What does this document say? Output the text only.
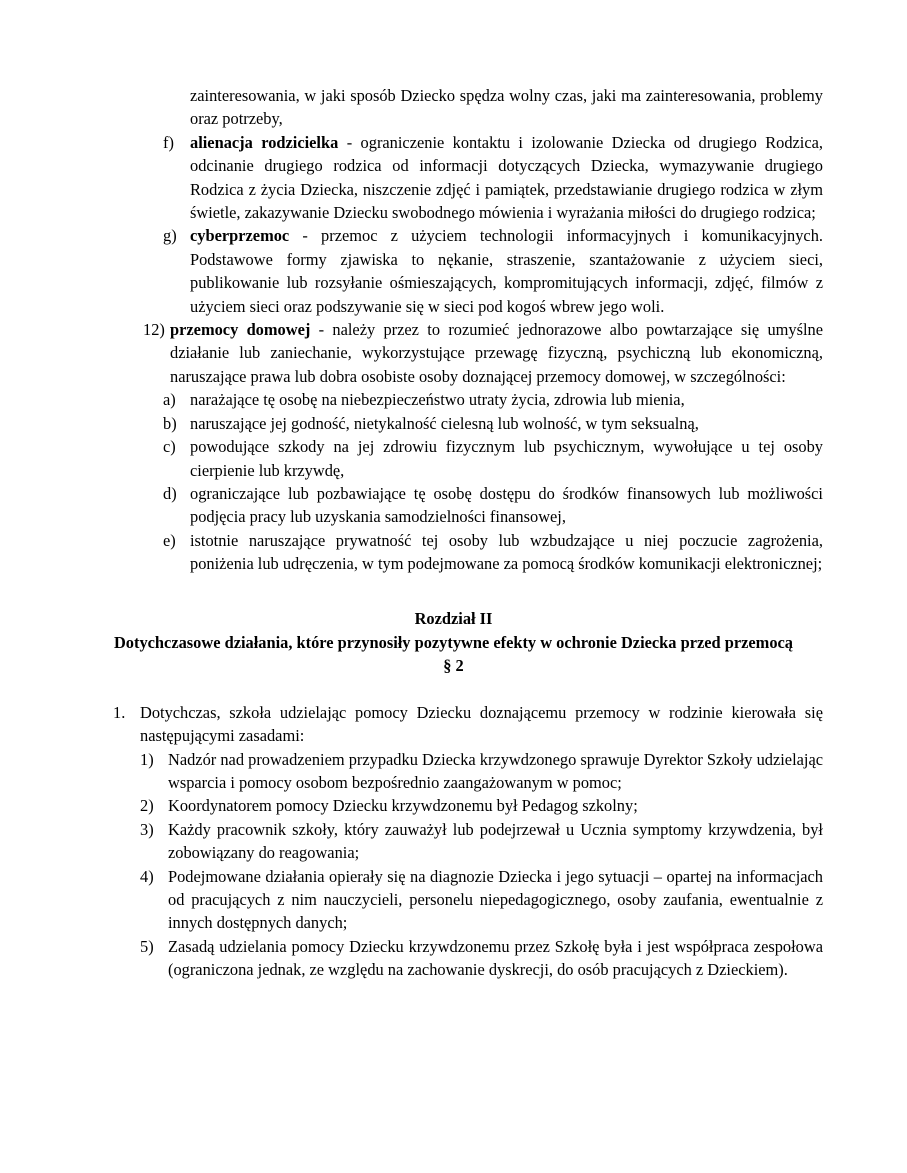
zainteresowania, w jaki sposób Dziecko spędza wolny czas, jaki ma zainteresowania, problemy oraz potrzeby,
f) alienacja rodzicielka - ograniczenie kontaktu i izolowanie Dziecka od drugiego Rodzica, odcinanie drugiego rodzica od informacji dotyczących Dziecka, wymazywanie drugiego Rodzica z życia Dziecka, niszczenie zdjęć i pamiątek, przedstawianie drugiego rodzica w złym świetle, zakazywanie Dziecku swobodnego mówienia i wyrażania miłości do drugiego rodzica;
g) cyberprzemoc - przemoc z użyciem technologii informacyjnych i komunikacyjnych. Podstawowe formy zjawiska to nękanie, straszenie, szantażowanie z użyciem sieci, publikowanie lub rozsyłanie ośmieszających, kompromitujących informacji, zdjęć, filmów z użyciem sieci oraz podszywanie się w sieci pod kogoś wbrew jego woli.
12) przemocy domowej - należy przez to rozumieć jednorazowe albo powtarzające się umyślne działanie lub zaniechanie, wykorzystujące przewagę fizyczną, psychiczną lub ekonomiczną, naruszające prawa lub dobra osobiste osoby doznającej przemocy domowej, w szczególności:
a) narażające tę osobę na niebezpieczeństwo utraty życia, zdrowia lub mienia,
b) naruszające jej godność, nietykalność cielesną lub wolność, w tym seksualną,
c) powodujące szkody na jej zdrowiu fizycznym lub psychicznym, wywołujące u tej osoby cierpienie lub krzywdę,
d) ograniczające lub pozbawiające tę osobę dostępu do środków finansowych lub możliwości podjęcia pracy lub uzyskania samodzielności finansowej,
e) istotnie naruszające prywatność tej osoby lub wzbudzające u niej poczucie zagrożenia, poniżenia lub udręczenia, w tym podejmowane za pomocą środków komunikacji elektronicznej;
Rozdział II
Dotychczasowe działania, które przynosiły pozytywne efekty w ochronie Dziecka przed przemocą
§ 2
1. Dotychczas, szkoła udzielając pomocy Dziecku doznającemu przemocy w rodzinie kierowała się następującymi zasadami:
1) Nadzór nad prowadzeniem przypadku Dziecka krzywdzonego sprawuje Dyrektor Szkoły udzielając wsparcia i pomocy osobom bezpośrednio zaangażowanym w pomoc;
2) Koordynatorem pomocy Dziecku krzywdzonemu był Pedagog szkolny;
3) Każdy pracownik szkoły, który zauważył lub podejrzewał u Ucznia symptomy krzywdzenia, był zobowiązany do reagowania;
4) Podejmowane działania opierały się na diagnozie Dziecka i jego sytuacji – opartej na informacjach od pracujących z nim nauczycieli, personelu niepedagogicznego, osoby zaufania, ewentualnie z innych dostępnych danych;
5) Zasadą udzielania pomocy Dziecku krzywdzonemu przez Szkołę była i jest współpraca zespołowa (ograniczona jednak, ze względu na zachowanie dyskrecji, do osób pracujących z Dzieckiem).
